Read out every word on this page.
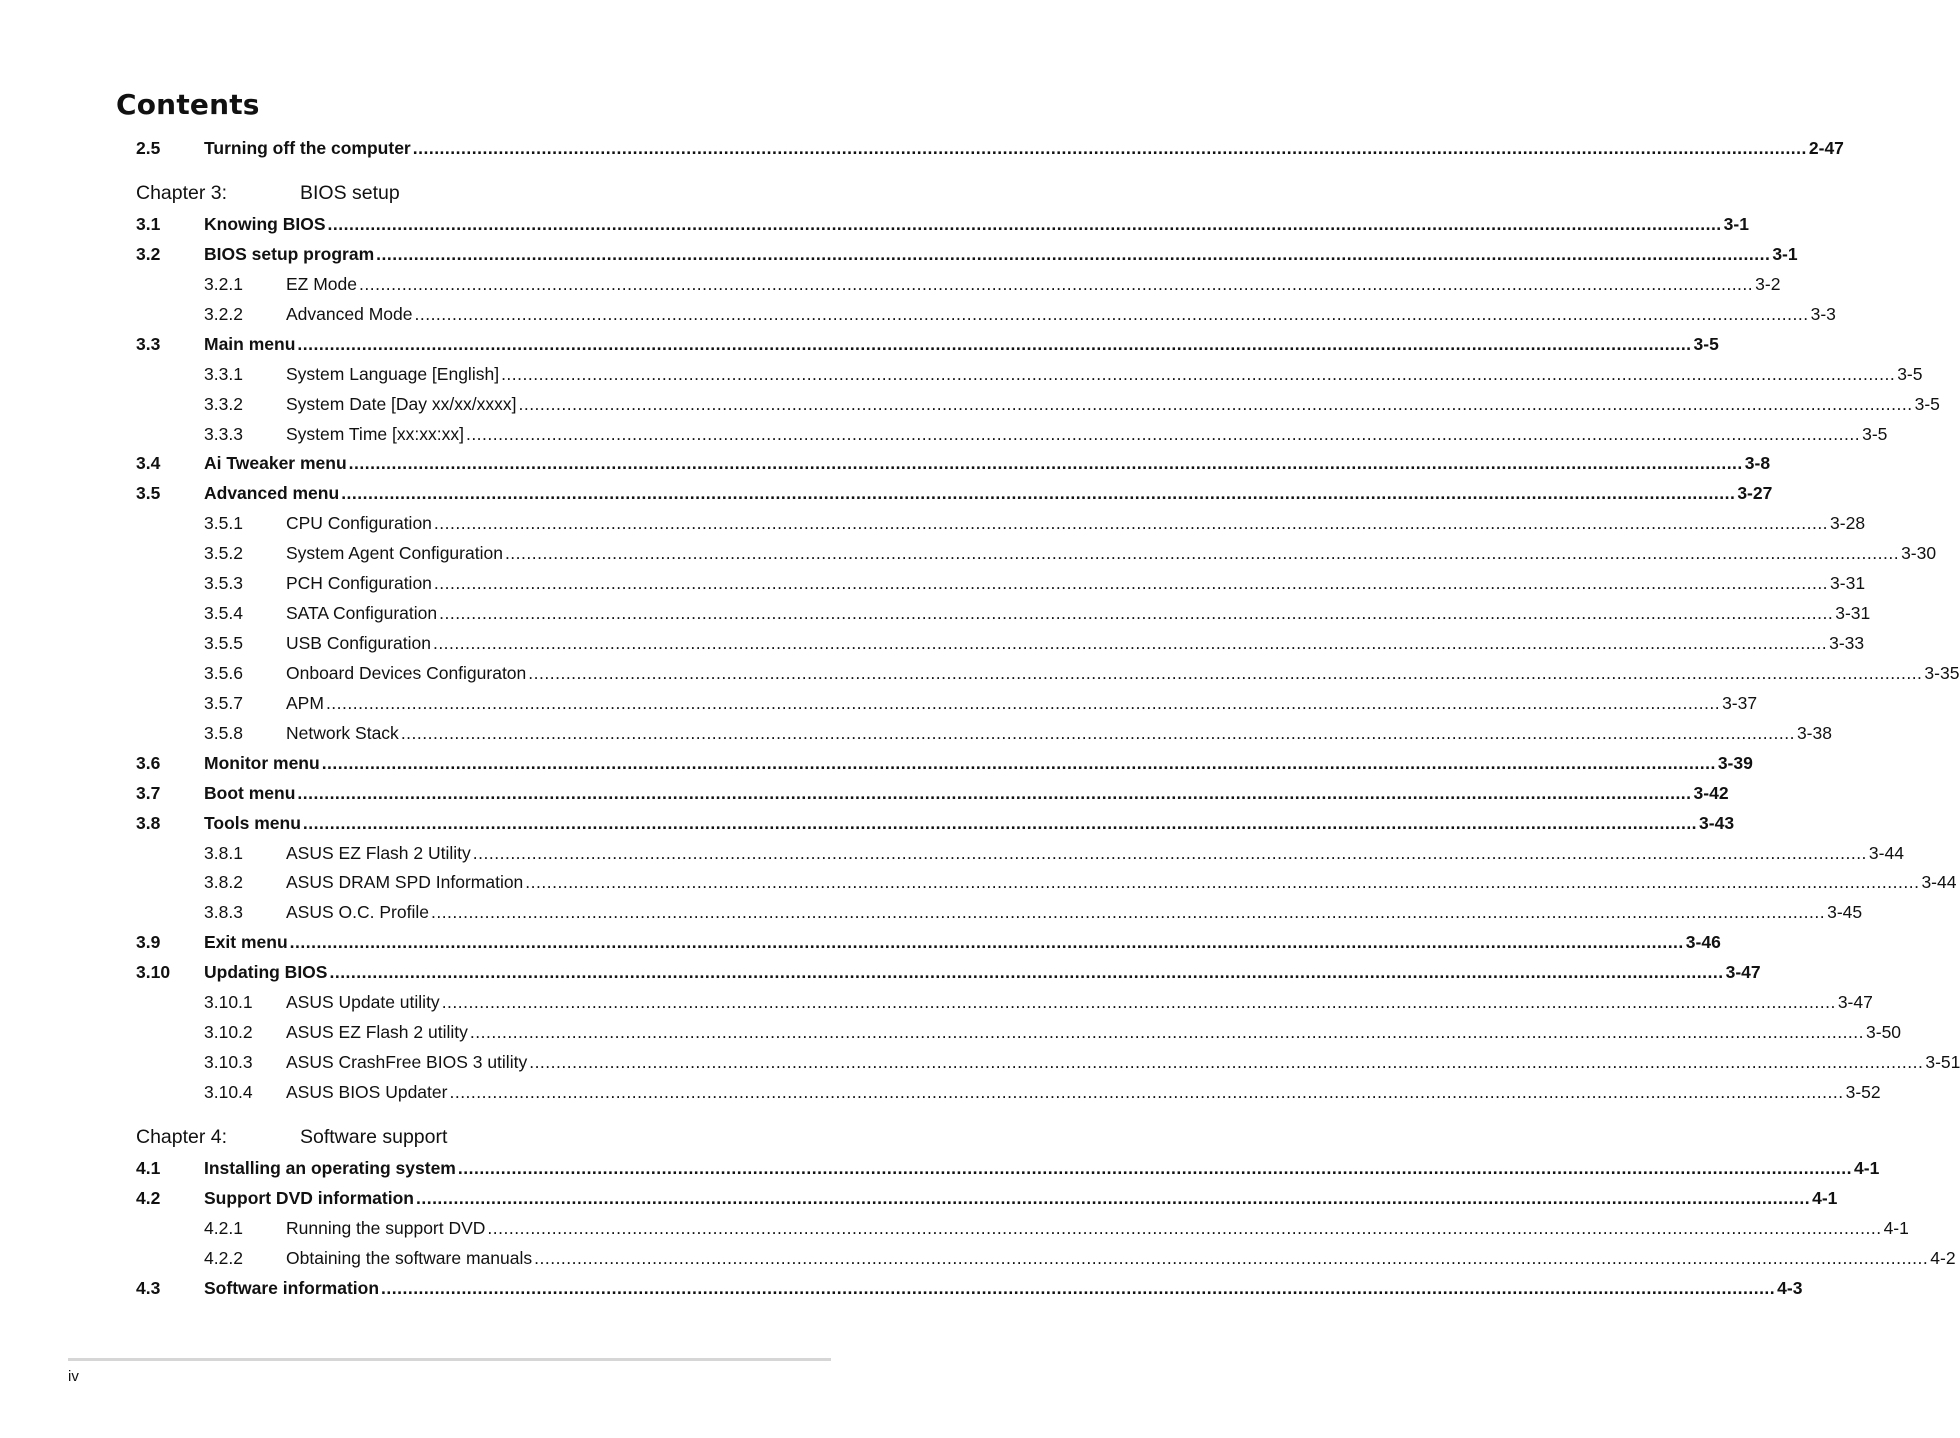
Contents
2.5 Turning off the computer .................................................................................................................................................................................................................................................................... 2-47
Chapter 3:	BIOS setup
3.1 Knowing BIOS .................................................................................................................................................................................................................................................................... 3-1
3.2 BIOS setup program .................................................................................................................................................................................................................................................................... 3-1
3.2.1 EZ Mode .................................................................................................................................................................................................................................................................... 3-2
3.2.2 Advanced Mode .................................................................................................................................................................................................................................................................... 3-3
3.3 Main menu .................................................................................................................................................................................................................................................................... 3-5
3.3.1 System Language [English] .................................................................................................................................................................................................................................................................... 3-5
3.3.2 System Date [Day xx/xx/xxxx] .................................................................................................................................................................................................................................................................... 3-5
3.3.3 System Time [xx:xx:xx] .................................................................................................................................................................................................................................................................... 3-5
3.4 Ai Tweaker menu .................................................................................................................................................................................................................................................................... 3-8
3.5 Advanced menu .................................................................................................................................................................................................................................................................... 3-27
3.5.1 CPU Configuration .................................................................................................................................................................................................................................................................... 3-28
3.5.2 System Agent Configuration .................................................................................................................................................................................................................................................................... 3-30
3.5.3 PCH Configuration .................................................................................................................................................................................................................................................................... 3-31
3.5.4 SATA Configuration .................................................................................................................................................................................................................................................................... 3-31
3.5.5 USB Configuration .................................................................................................................................................................................................................................................................... 3-33
3.5.6 Onboard Devices Configuraton .................................................................................................................................................................................................................................................................... 3-35
3.5.7 APM .................................................................................................................................................................................................................................................................... 3-37
3.5.8 Network Stack .................................................................................................................................................................................................................................................................... 3-38
3.6 Monitor menu .................................................................................................................................................................................................................................................................... 3-39
3.7 Boot menu .................................................................................................................................................................................................................................................................... 3-42
3.8 Tools menu .................................................................................................................................................................................................................................................................... 3-43
3.8.1 ASUS EZ Flash 2 Utility .................................................................................................................................................................................................................................................................... 3-44
3.8.2 ASUS DRAM SPD Information .................................................................................................................................................................................................................................................................... 3-44
3.8.3 ASUS O.C. Profile .................................................................................................................................................................................................................................................................... 3-45
3.9 Exit menu .................................................................................................................................................................................................................................................................... 3-46
3.10 Updating BIOS .................................................................................................................................................................................................................................................................... 3-47
3.10.1 ASUS Update utility .................................................................................................................................................................................................................................................................... 3-47
3.10.2 ASUS EZ Flash 2 utility .................................................................................................................................................................................................................................................................... 3-50
3.10.3 ASUS CrashFree BIOS 3 utility .................................................................................................................................................................................................................................................................... 3-51
3.10.4 ASUS BIOS Updater .................................................................................................................................................................................................................................................................... 3-52
Chapter 4:	Software support
4.1 Installing an operating system .................................................................................................................................................................................................................................................................... 4-1
4.2 Support DVD information .................................................................................................................................................................................................................................................................... 4-1
4.2.1 Running the support DVD .................................................................................................................................................................................................................................................................... 4-1
4.2.2 Obtaining the software manuals .................................................................................................................................................................................................................................................................... 4-2
4.3 Software information .................................................................................................................................................................................................................................................................... 4-3
iv
